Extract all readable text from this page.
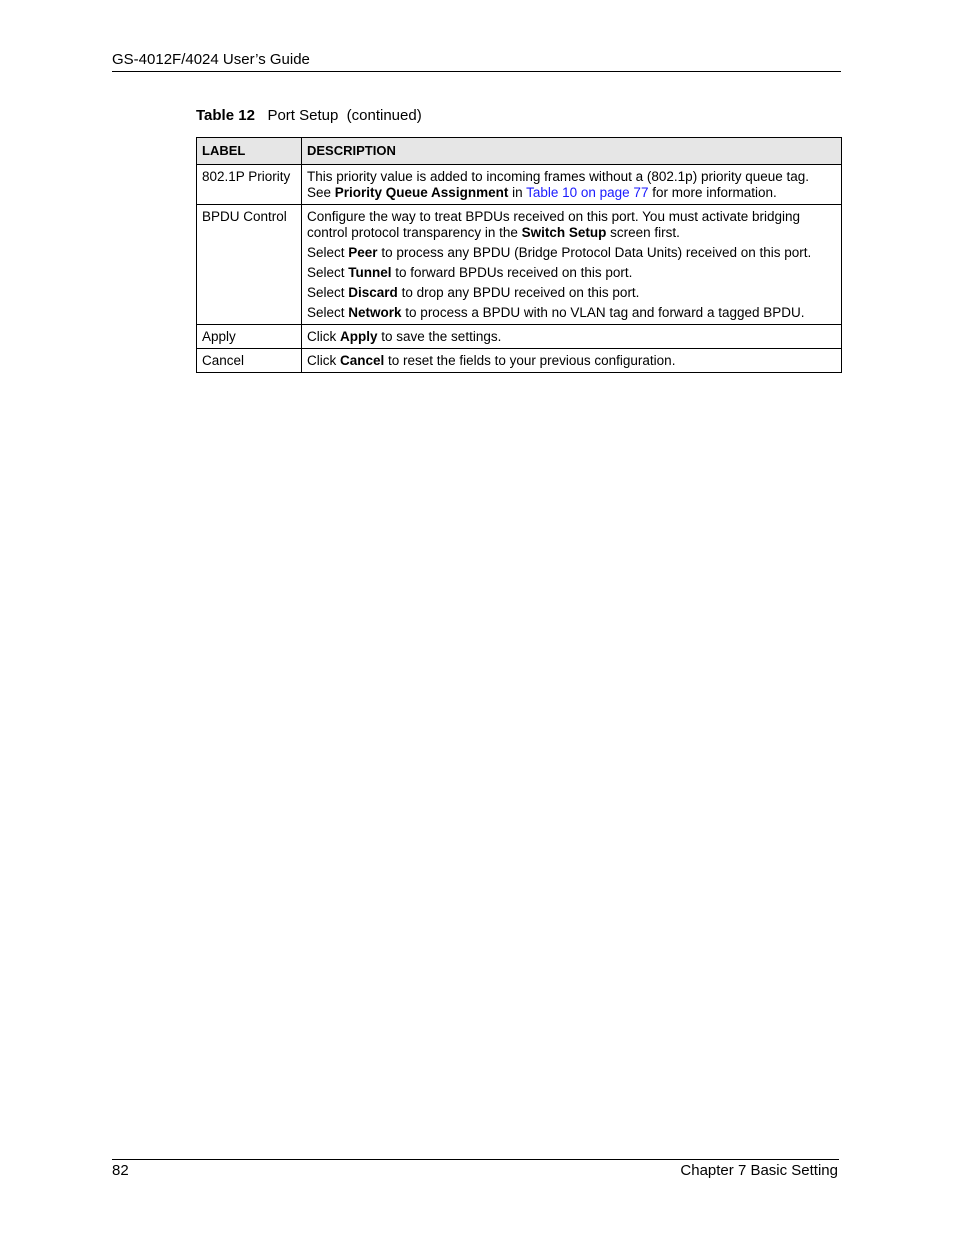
GS-4012F/4024 User’s Guide
Table 12 Port Setup  (continued)
LABEL	DESCRIPTION
802.1P Priority	This priority value is added to incoming frames without a (802.1p) priority queue tag. See Priority Queue Assignment in Table 10 on page 77 for more information.

BPDU Control	Configure the way to treat BPDUs received on this port. You must activate bridging control protocol transparency in the Switch Setup screen first.
Select Peer to process any BPDU (Bridge Protocol Data Units) received on this port.
Select Tunnel to forward BPDUs received on this port.
Select Discard to drop any BPDU received on this port.
Select Network to process a BPDU with no VLAN tag and forward a tagged BPDU.

Apply	Click Apply to save the settings.

Cancel	Click Cancel to reset the fields to your previous configuration.
82	Chapter 7 Basic Setting
